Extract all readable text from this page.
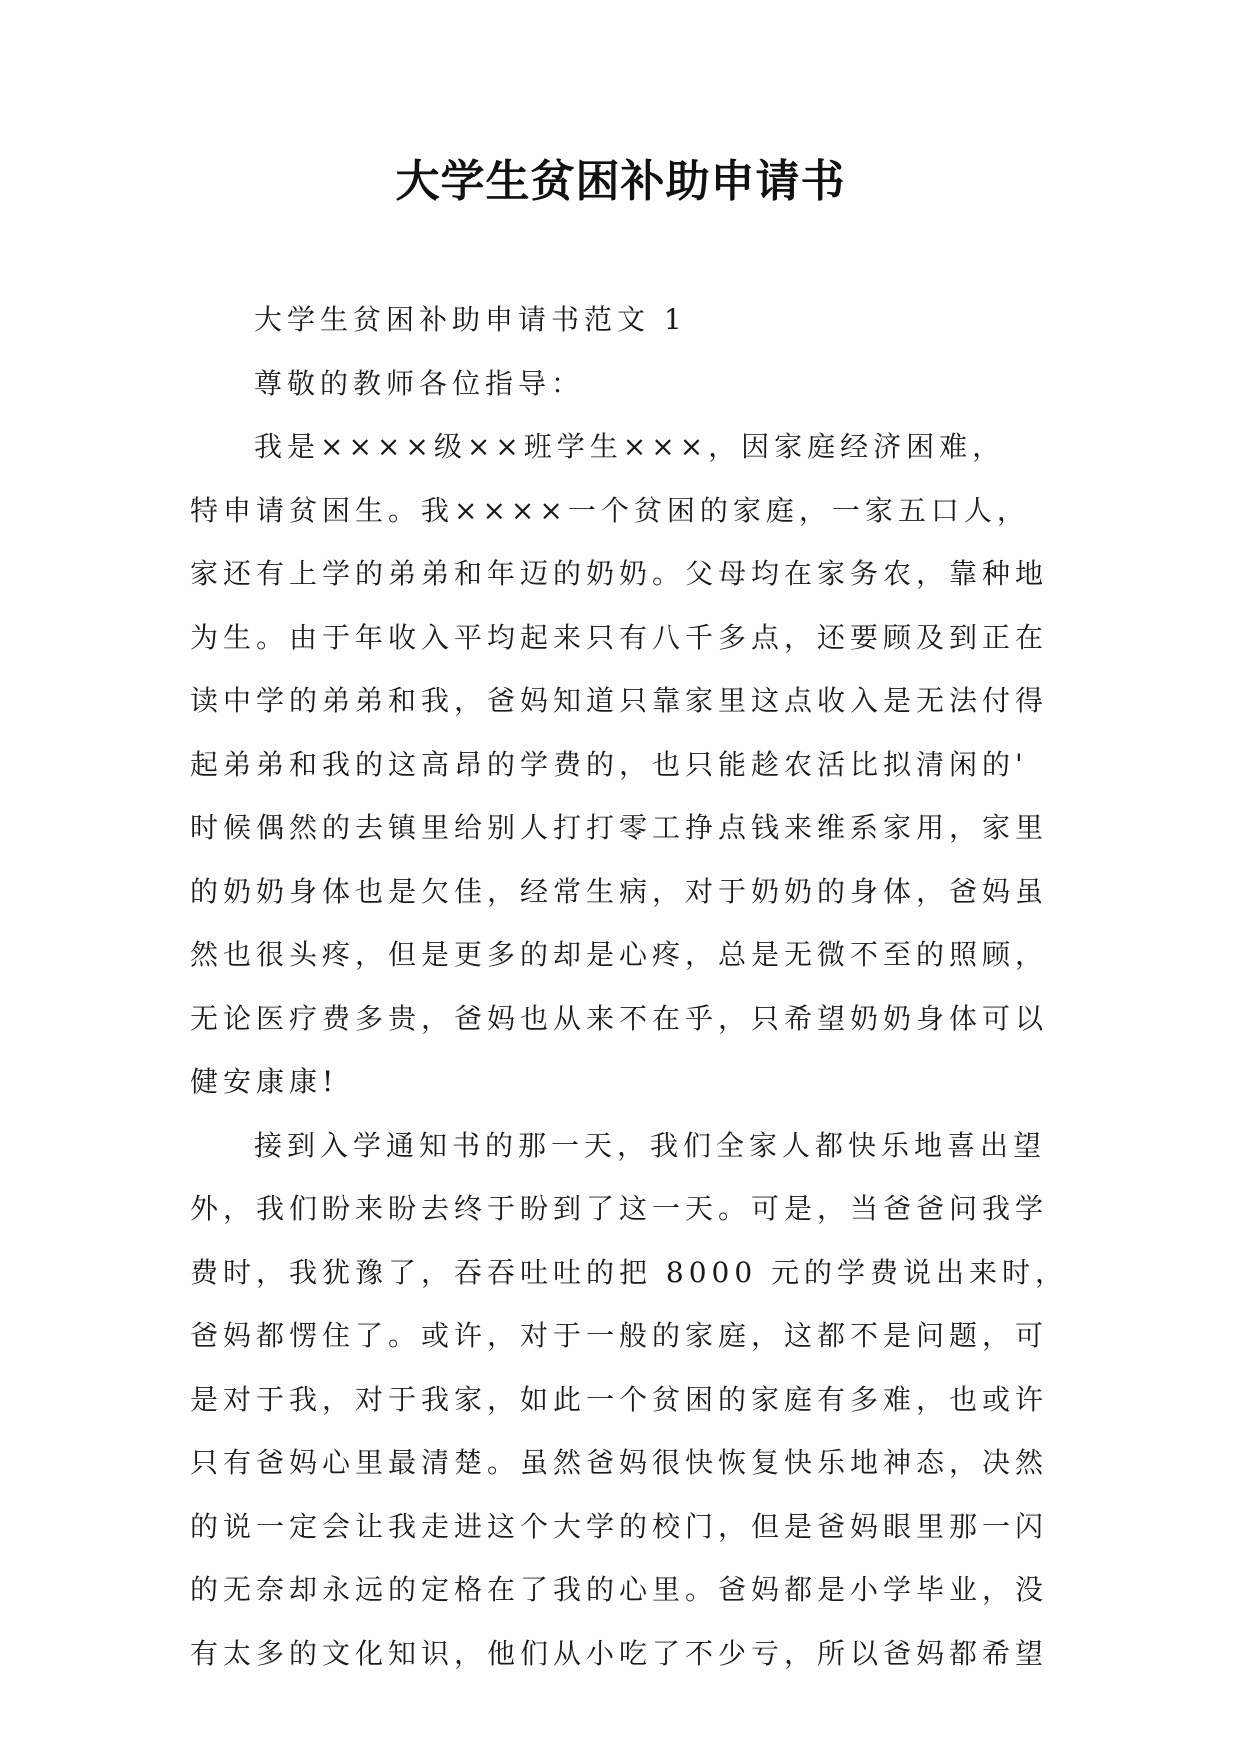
大学生贫困补助申请书

大学生贫困补助申请书范文 1

尊敬的教师各位指导：

我是××××级××班学生×××，因家庭经济困难，

特申请贫困生。我××××一个贫困的家庭，一家五口人，

家还有上学的弟弟和年迈的奶奶。父母均在家务农，靠种地

为生。由于年收入平均起来只有八千多点，还要顾及到正在

读中学的弟弟和我，爸妈知道只靠家里这点收入是无法付得

起弟弟和我的这高昂的学费的，也只能趁农活比拟清闲的'

时候偶然的去镇里给别人打打零工挣点钱来维系家用，家里

的奶奶身体也是欠佳，经常生病，对于奶奶的身体，爸妈虽

然也很头疼，但是更多的却是心疼，总是无微不至的照顾，

无论医疗费多贵，爸妈也从来不在乎，只希望奶奶身体可以

健安康康!

接到入学通知书的那一天，我们全家人都快乐地喜出望

外，我们盼来盼去终于盼到了这一天。可是，当爸爸问我学

费时，我犹豫了，吞吞吐吐的把 8000 元的学费说出来时，

爸妈都愣住了。或许，对于一般的家庭，这都不是问题，可

是对于我，对于我家，如此一个贫困的家庭有多难，也或许

只有爸妈心里最清楚。虽然爸妈很快恢复快乐地神态，决然

的说一定会让我走进这个大学的校门，但是爸妈眼里那一闪

的无奈却永远的定格在了我的心里。爸妈都是小学毕业，没

有太多的文化知识，他们从小吃了不少亏，所以爸妈都希望
